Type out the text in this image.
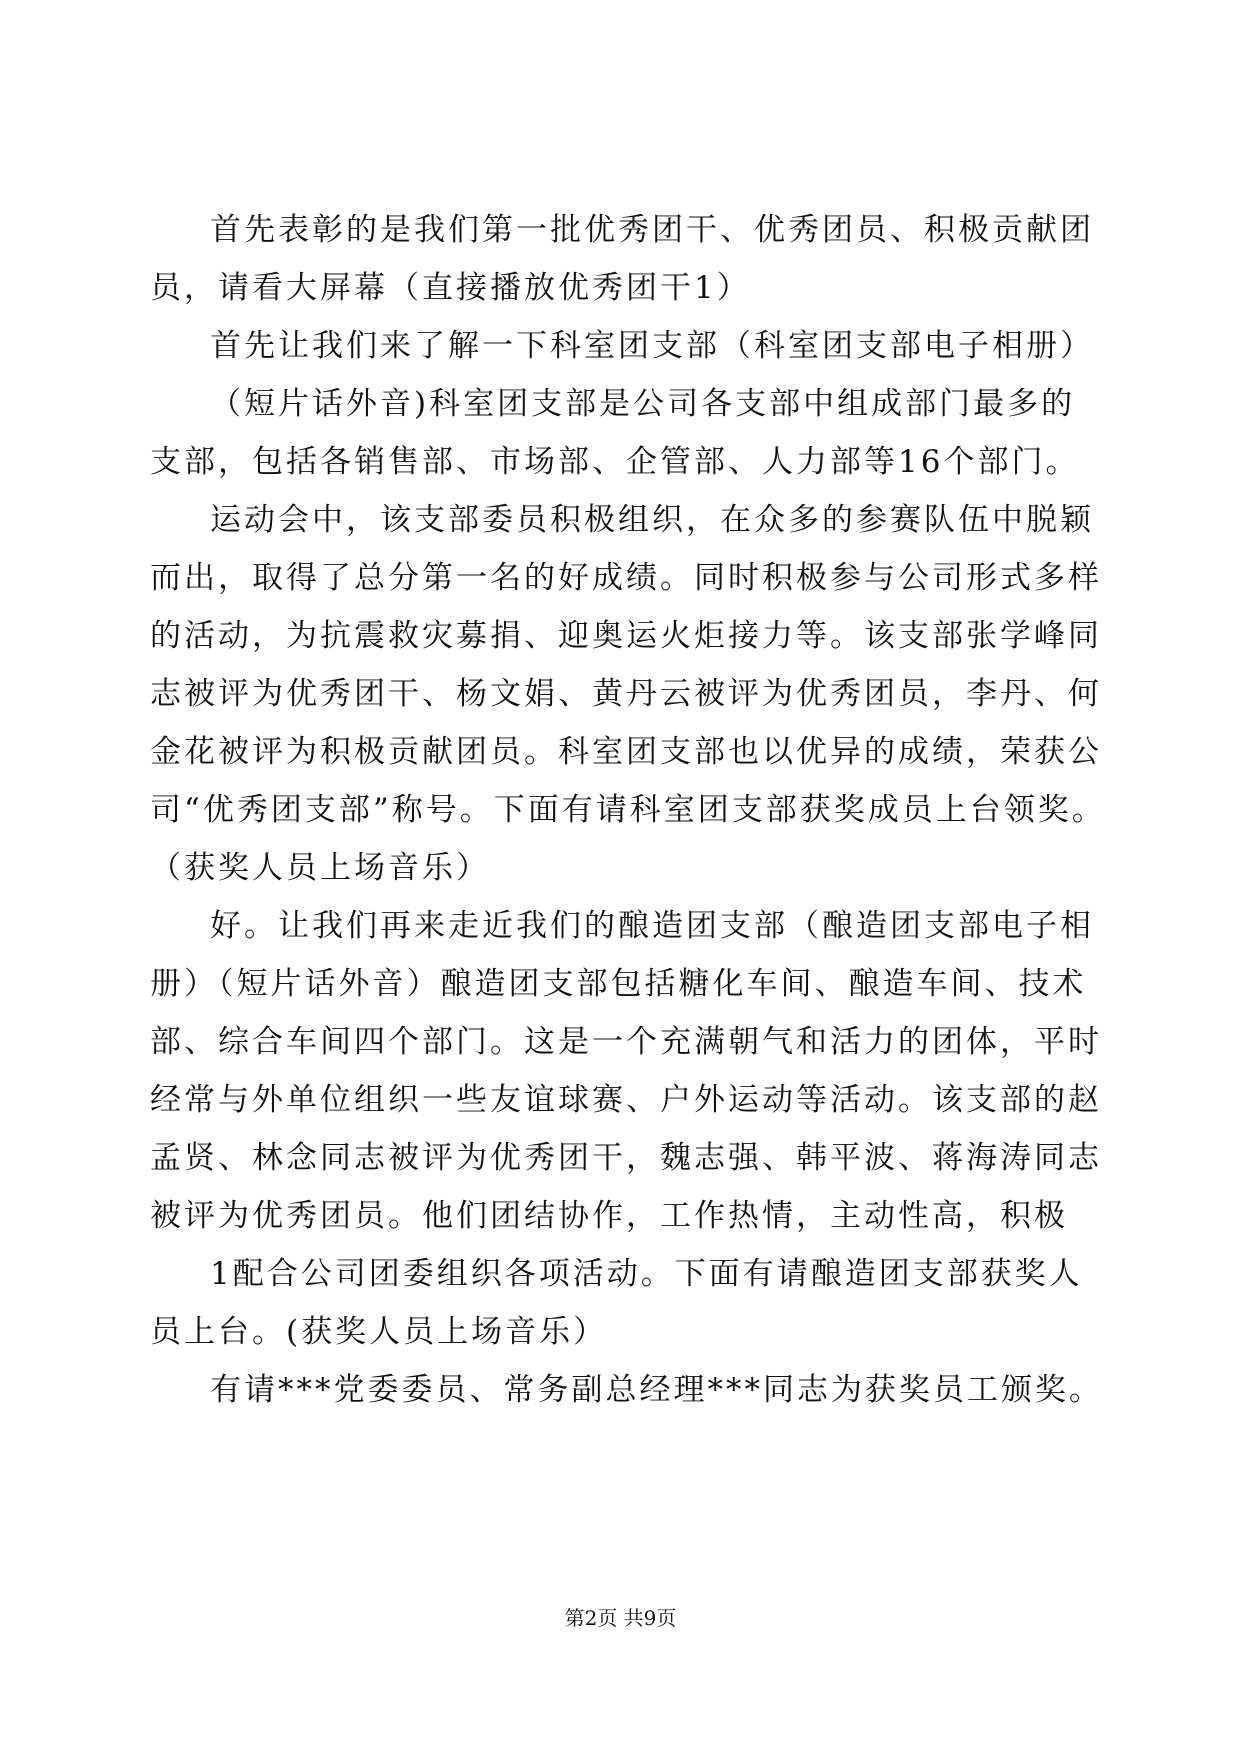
首先表彰的是我们第一批优秀团干、优秀团员、积极贡献团
员，请看大屏幕（直接播放优秀团干1）
首先让我们来了解一下科室团支部（科室团支部电子相册）
（短片话外音)科室团支部是公司各支部中组成部门最多的
支部，包括各销售部、市场部、企管部、人力部等16个部门。
运动会中，该支部委员积极组织，在众多的参赛队伍中脱颖
而出，取得了总分第一名的好成绩。同时积极参与公司形式多样
的活动，为抗震救灾募捐、迎奥运火炬接力等。该支部张学峰同
志被评为优秀团干、杨文娟、黄丹云被评为优秀团员，李丹、何
金花被评为积极贡献团员。科室团支部也以优异的成绩，荣获公
司“优秀团支部”称号。下面有请科室团支部获奖成员上台领奖。
（获奖人员上场音乐）
好。让我们再来走近我们的酿造团支部（酿造团支部电子相
册）（短片话外音）酿造团支部包括糖化车间、酿造车间、技术
部、综合车间四个部门。这是一个充满朝气和活力的团体，平时
经常与外单位组织一些友谊球赛、户外运动等活动。该支部的赵
孟贤、林念同志被评为优秀团干，魏志强、韩平波、蒋海涛同志
被评为优秀团员。他们团结协作，工作热情，主动性高，积极
1配合公司团委组织各项活动。下面有请酿造团支部获奖人
员上台。(获奖人员上场音乐）
有请***党委委员、常务副总经理***同志为获奖员工颁奖。
第2页 共9页
